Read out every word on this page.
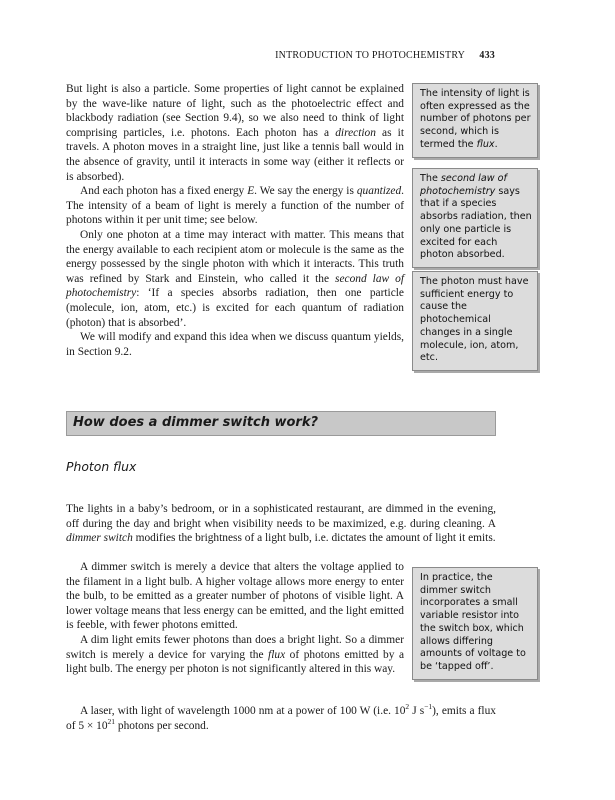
INTRODUCTION TO PHOTOCHEMISTRY 433

But light is also a particle. Some properties of light cannot be explained by the wave-like nature of light, such as the photoelectric effect and blackbody radiation (see Section 9.4), so we also need to think of light comprising particles, i.e. photons. Each photon has a direction as it travels. A photon moves in a straight line, just like a tennis ball would in the absence of gravity, until it interacts in some way (either it reflects or is absorbed).

And each photon has a fixed energy E. We say the energy is quantized. The intensity of a beam of light is merely a function of the number of photons within it per unit time; see below.

Only one photon at a time may interact with matter. This means that the energy available to each recipient atom or molecule is the same as the energy possessed by the single photon with which it interacts. This truth was refined by Stark and Einstein, who called it the second law of photochemistry: ‘If a species absorbs radiation, then one particle (molecule, ion, atom, etc.) is excited for each quantum of radiation (photon) that is absorbed’.

We will modify and expand this idea when we discuss quantum yields, in Section 9.2.

The intensity of light is often expressed as the number of photons per second, which is termed the flux.
The second law of photochemistry says that if a species absorbs radiation, then only one particle is excited for each photon absorbed.
The photon must have sufficient energy to cause the photochemical changes in a single molecule, ion, atom, etc.
How does a dimmer switch work?
Photon flux

The lights in a baby’s bedroom, or in a sophisticated restaurant, are dimmed in the evening, off during the day and bright when visibility needs to be maximized, e.g. during cleaning. A dimmer switch modifies the brightness of a light bulb, i.e. dictates the amount of light it emits.

A dimmer switch is merely a device that alters the voltage applied to the filament in a light bulb. A higher voltage allows more energy to enter the bulb, to be emitted as a greater number of photons of visible light. A lower voltage means that less energy can be emitted, and the light emitted is feeble, with fewer photons emitted.

A dim light emits fewer photons than does a bright light. So a dimmer switch is merely a device for varying the flux of photons emitted by a light bulb. The energy per photon is not significantly altered in this way.

A laser, with light of wavelength 1000 nm at a power of 100 W (i.e. $10^2$ J $s^{-1}$), emits a flux of $5 \times 10^{21}$ photons per second.

In practice, the dimmer switch incorporates a small variable resistor into the switch box, which allows differing amounts of voltage to be ‘tapped off’.
